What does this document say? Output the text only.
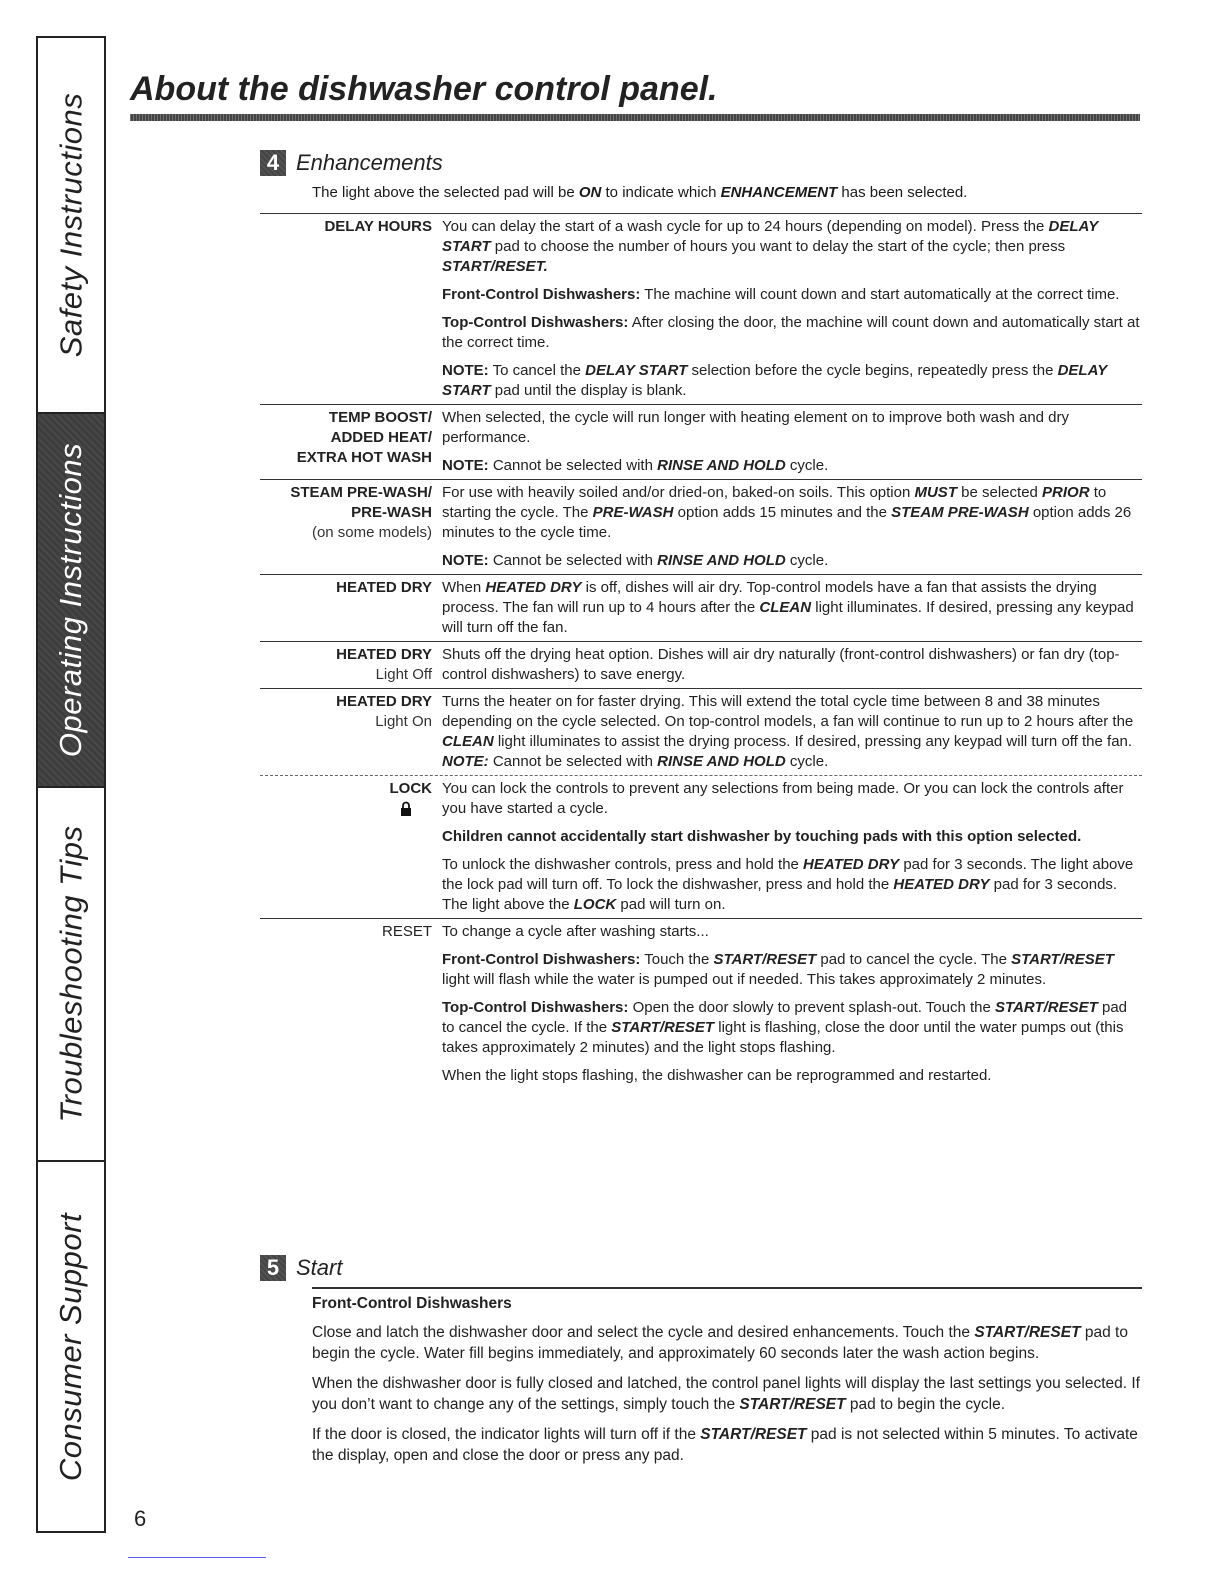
Safety Instructions
Operating Instructions
Troubleshooting Tips
Consumer Support
About the dishwasher control panel.
4 Enhancements
The light above the selected pad will be ON to indicate which ENHANCEMENT has been selected.
DELAY HOURS You can delay the start of a wash cycle for up to 24 hours (depending on model). Press the DELAY START pad to choose the number of hours you want to delay the start of the cycle; then press START/RESET.

Front-Control Dishwashers: The machine will count down and start automatically at the correct time.

Top-Control Dishwashers: After closing the door, the machine will count down and automatically start at the correct time.

NOTE: To cancel the DELAY START selection before the cycle begins, repeatedly press the DELAY START pad until the display is blank.

TEMP BOOST/
ADDED HEAT/
EXTRA HOT WASH

When selected, the cycle will run longer with heating element on to improve both wash and dry performance.

NOTE: Cannot be selected with RINSE AND HOLD cycle.

STEAM PRE-WASH/
PRE-WASH
(on some models)

For use with heavily soiled and/or dried-on, baked-on soils. This option MUST be selected PRIOR to starting the cycle. The PRE-WASH option adds 15 minutes and the STEAM PRE-WASH option adds 26 minutes to the cycle time.

NOTE: Cannot be selected with RINSE AND HOLD cycle.

HEATED DRY When HEATED DRY is off, dishes will air dry. Top-control models have a fan that assists the drying process. The fan will run up to 4 hours after the CLEAN light illuminates. If desired, pressing any keypad will turn off the fan.

HEATED DRY
Light Off

Shuts off the drying heat option. Dishes will air dry naturally (front-control dishwashers) or fan dry (top-control dishwashers) to save energy.

HEATED DRY
Light On

Turns the heater on for faster drying. This will extend the total cycle time between 8 and 38 minutes depending on the cycle selected. On top-control models, a fan will continue to run up to 2 hours after the CLEAN light illuminates to assist the drying process. If desired, pressing any keypad will turn off the fan. NOTE: Cannot be selected with RINSE AND HOLD cycle.

LOCK You can lock the controls to prevent any selections from being made. Or you can lock the controls after you have started a cycle.

Children cannot accidentally start dishwasher by touching pads with this option selected.

To unlock the dishwasher controls, press and hold the HEATED DRY pad for 3 seconds. The light above the lock pad will turn off. To lock the dishwasher, press and hold the HEATED DRY pad for 3 seconds. The light above the LOCK pad will turn on.

RESET To change a cycle after washing starts...

Front-Control Dishwashers: Touch the START/RESET pad to cancel the cycle. The START/RESET light will flash while the water is pumped out if needed. This takes approximately 2 minutes.

Top-Control Dishwashers: Open the door slowly to prevent splash-out. Touch the START/RESET pad to cancel the cycle. If the START/RESET light is flashing, close the door until the water pumps out (this takes approximately 2 minutes) and the light stops flashing.

When the light stops flashing, the dishwasher can be reprogrammed and restarted.

5 Start
Front-Control Dishwashers

Close and latch the dishwasher door and select the cycle and desired enhancements. Touch the START/RESET pad to begin the cycle. Water fill begins immediately, and approximately 60 seconds later the wash action begins.

When the dishwasher door is fully closed and latched, the control panel lights will display the last settings you selected. If you don’t want to change any of the settings, simply touch the START/RESET pad to begin the cycle.

If the door is closed, the indicator lights will turn off if the START/RESET pad is not selected within 5 minutes. To activate the display, open and close the door or press any pad.

6
